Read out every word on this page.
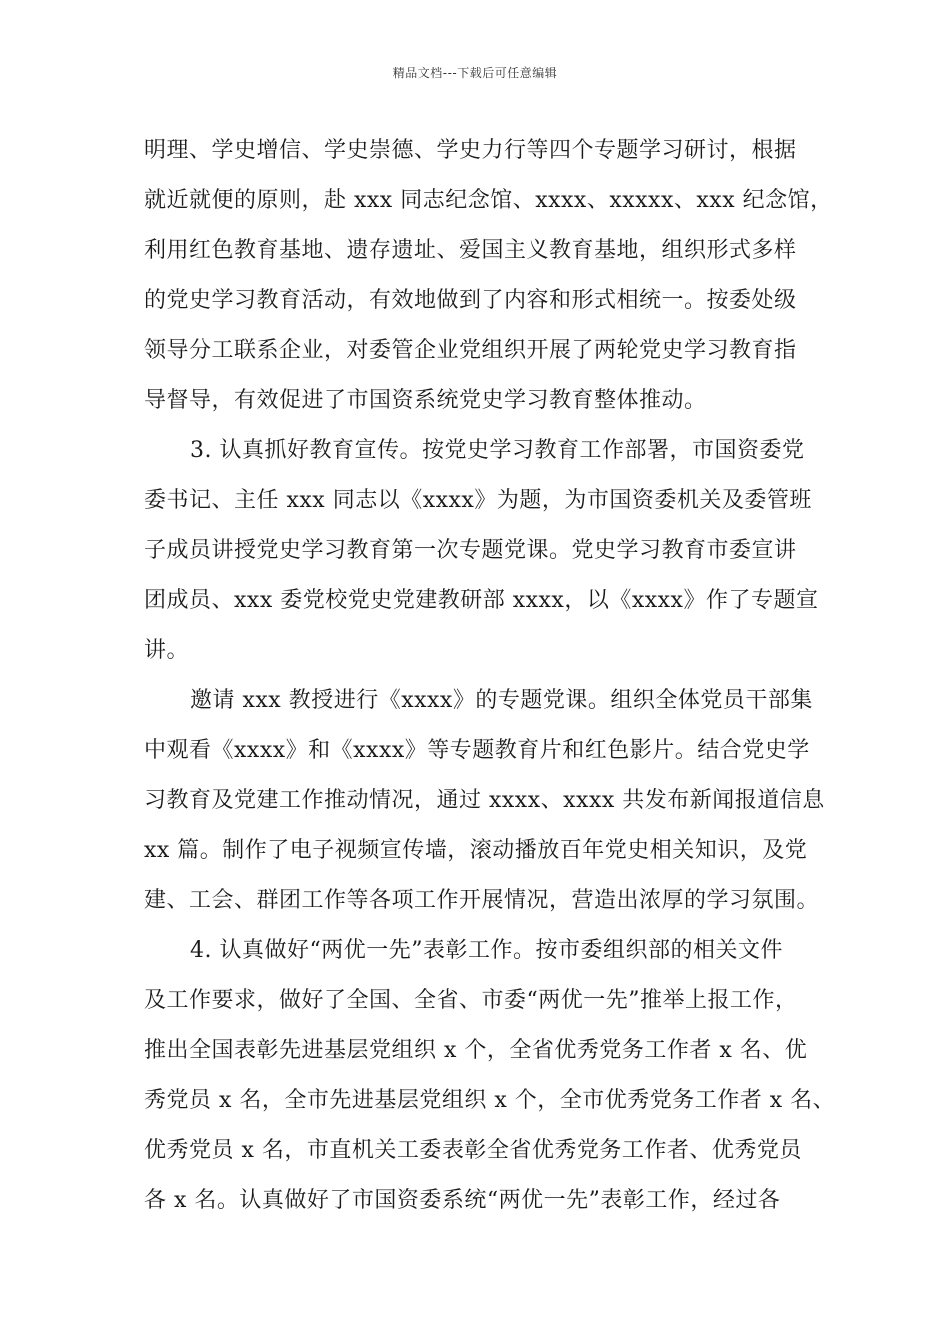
精品文档---下载后可任意编辑
明理、学史增信、学史崇德、学史力行等四个专题学习研讨，根据
就近就便的原则，赴 xxx 同志纪念馆、xxxx、xxxxx、xxx 纪念馆，
利用红色教育基地、遗存遗址、爱国主义教育基地，组织形式多样
的党史学习教育活动，有效地做到了内容和形式相统一。按委处级
领导分工联系企业，对委管企业党组织开展了两轮党史学习教育指
导督导，有效促进了市国资系统党史学习教育整体推动。
3. 认真抓好教育宣传。按党史学习教育工作部署，市国资委党
委书记、主任 xxx 同志以《xxxx》为题，为市国资委机关及委管班
子成员讲授党史学习教育第一次专题党课。党史学习教育市委宣讲
团成员、xxx 委党校党史党建教研部 xxxx，以《xxxx》作了专题宣
讲。
邀请 xxx 教授进行《xxxx》的专题党课。组织全体党员干部集
中观看《xxxx》和《xxxx》等专题教育片和红色影片。结合党史学
习教育及党建工作推动情况，通过 xxxx、xxxx 共发布新闻报道信息
xx 篇。制作了电子视频宣传墙，滚动播放百年党史相关知识，及党
建、工会、群团工作等各项工作开展情况，营造出浓厚的学习氛围。
4. 认真做好“两优一先”表彰工作。按市委组织部的相关文件
及工作要求，做好了全国、全省、市委“两优一先”推举上报工作，
推出全国表彰先进基层党组织 x 个，全省优秀党务工作者 x 名、优
秀党员 x 名，全市先进基层党组织 x 个，全市优秀党务工作者 x 名、
优秀党员 x 名，市直机关工委表彰全省优秀党务工作者、优秀党员
各 x 名。认真做好了市国资委系统“两优一先”表彰工作，经过各
